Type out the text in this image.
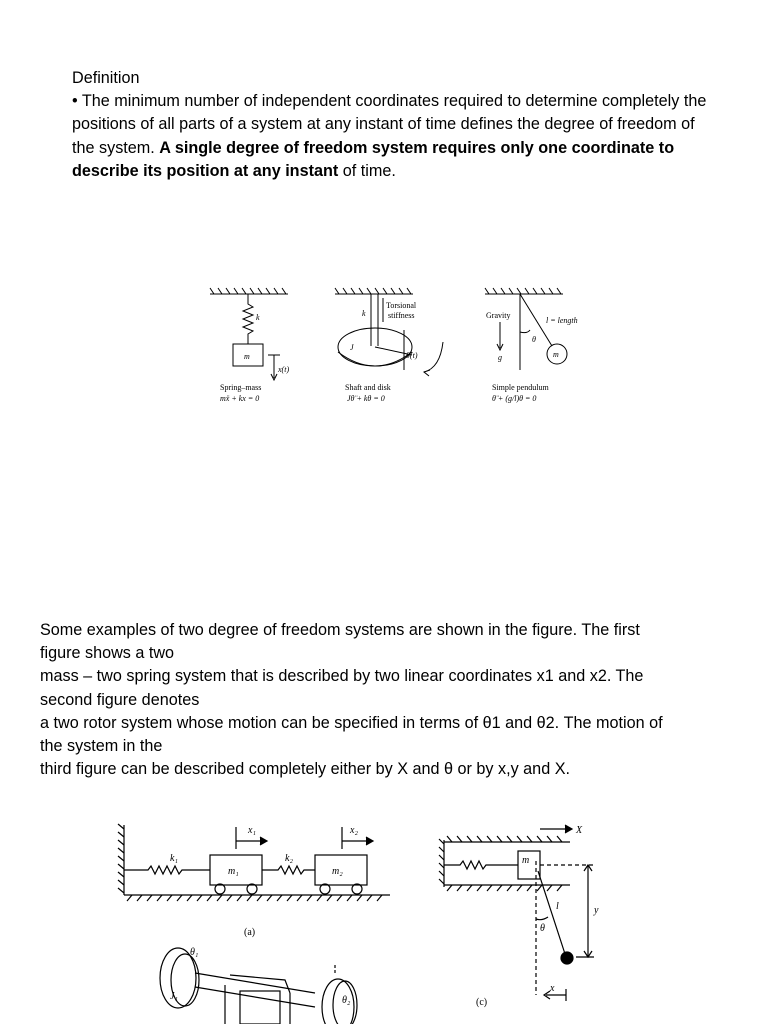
Definition
• The minimum number of independent coordinates required to determine completely the positions of all parts of a system at any instant of time defines the degree of freedom of the system. A single degree of freedom system requires only one coordinate to describe its position at any instant of time.
k
m
x(t)
Spring–mass
mẍ + kx = 0
k
Torsional
stiffness
J
θ(t)
Shaft and disk
Jθ̈ + kθ = 0
Gravity
g
l = length
θ
m
Simple pendulum
θ̈ + (g/l)θ = 0
Some examples of two degree of freedom systems are shown in the figure. The first
figure shows a two
mass – two spring system that is described by two linear coordinates x1 and x2. The
second figure denotes
a two rotor system whose motion can be specified in terms of θ1 and θ2. The motion of
the system in the
third figure can be described completely either by X and θ or by x,y and X.
k₁	k₂
m₁	m₂
x₁	x₂
(a)
θ₁
θ₂
J₁
X
m
l
θ
y
x
(c)
